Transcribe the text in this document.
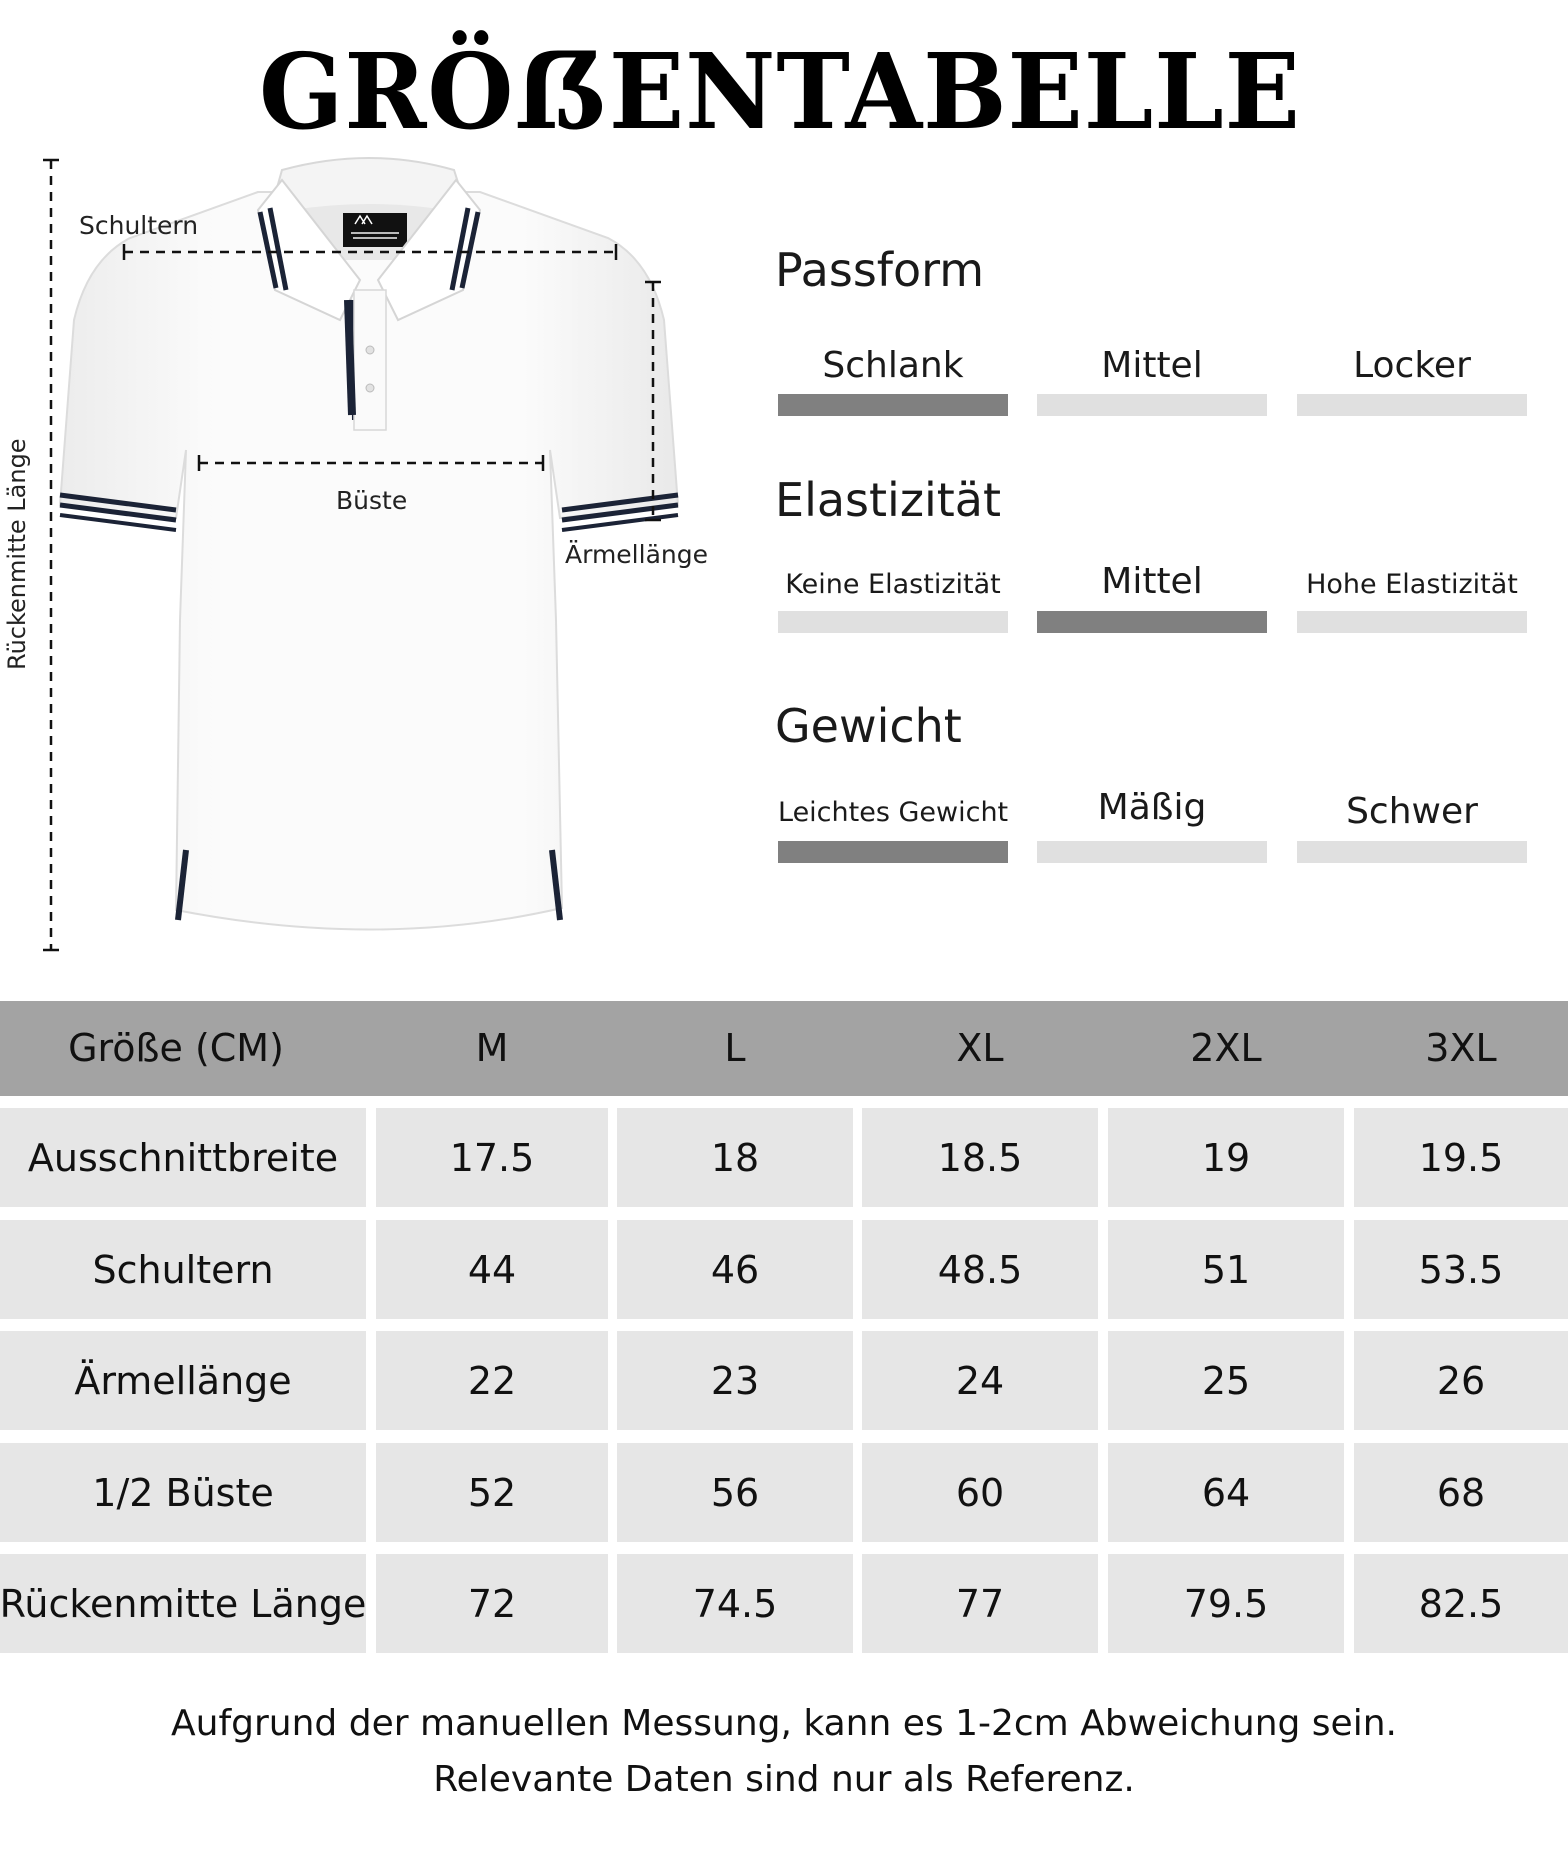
GRÖẞENTABELLE
Schultern
Büste
Ärmellänge
Rückenmitte Länge
Passform
Schlank	Mittel	Locker
Elastizität
Keine Elastizität	Mittel	Hohe Elastizität
Gewicht
Leichtes Gewicht	Mäßig	Schwer
Größe (CM)	M	L	XL	2XL	3XL
Ausschnittbreite	17.5	18	18.5	19	19.5
Schultern	44	46	48.5	51	53.5
Ärmellänge	22	23	24	25	26
1/2 Büste	52	56	60	64	68
Rückenmitte Länge	72	74.5	77	79.5	82.5
Aufgrund der manuellen Messung, kann es 1-2cm Abweichung sein.
Relevante Daten sind nur als Referenz.
